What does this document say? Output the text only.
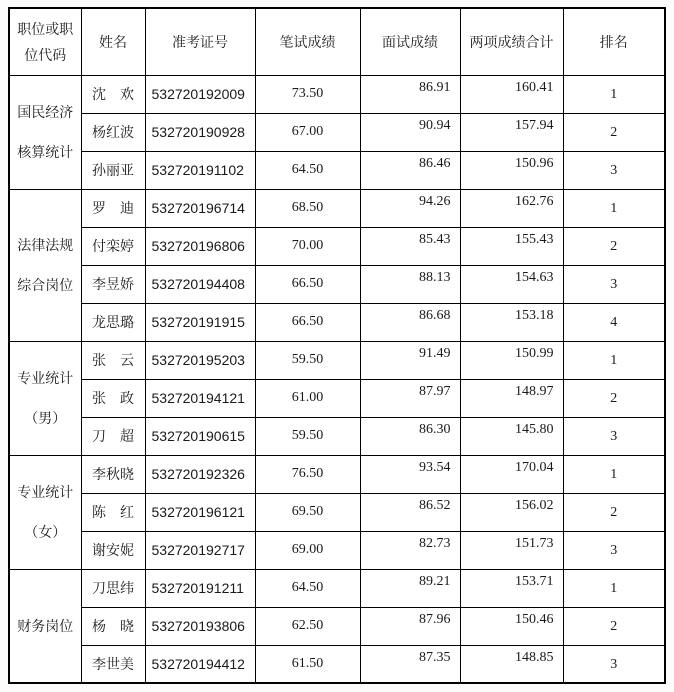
职位或职
位代码	姓名	准考证号	笔试成绩	面试成绩	两项成绩合计	排名

国民经济
核算统计	沈　欢	532720192009	73.50	86.91	160.41	1
	杨红波	532720190928	67.00	90.94	157.94	2
	孙丽亚	532720191102	64.50	86.46	150.96	3

法律法规
综合岗位	罗　迪	532720196714	68.50	94.26	162.76	1
	付栾婷	532720196806	70.00	85.43	155.43	2
	李昱娇	532720194408	66.50	88.13	154.63	3
	龙思璐	532720191915	66.50	86.68	153.18	4

专业统计
（男）	张　云	532720195203	59.50	91.49	150.99	1
	张　政	532720194121	61.00	87.97	148.97	2
	刀　超	532720190615	59.50	86.30	145.80	3

专业统计
（女）	李秋晓	532720192326	76.50	93.54	170.04	1
	陈　红	532720196121	69.50	86.52	156.02	2
	谢安妮	532720192717	69.00	82.73	151.73	3

财务岗位	刀思纬	532720191211	64.50	89.21	153.71	1
	杨　晓	532720193806	62.50	87.96	150.46	2
	李世美	532720194412	61.50	87.35	148.85	3
